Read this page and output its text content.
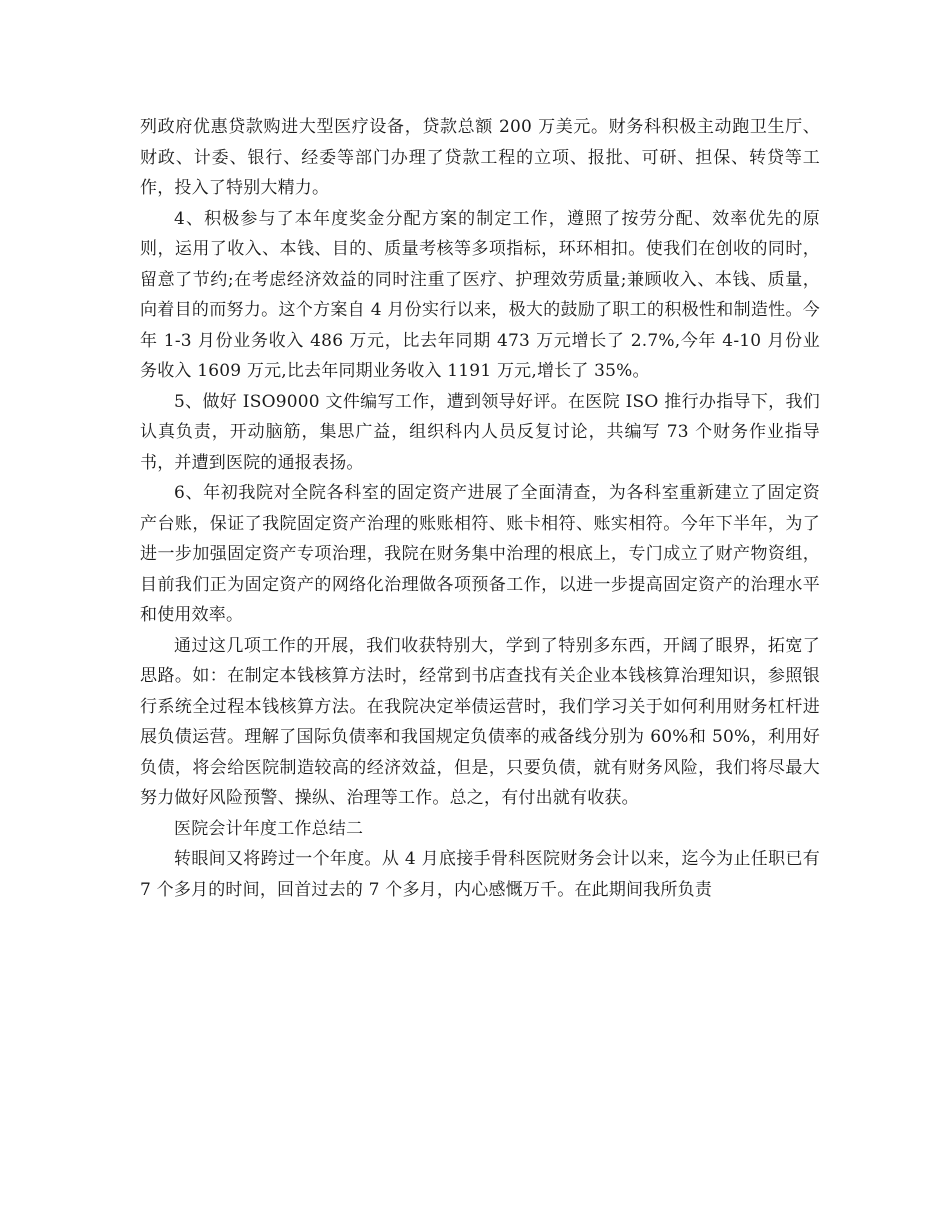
列政府优惠贷款购进大型医疗设备，贷款总额 200 万美元。财务科积极主动跑卫生厅、财政、计委、银行、经委等部门办理了贷款工程的立项、报批、可研、担保、转贷等工作，投入了特别大精力。

4、积极参与了本年度奖金分配方案的制定工作，遵照了按劳分配、效率优先的原则，运用了收入、本钱、目的、质量考核等多项指标，环环相扣。使我们在创收的同时，留意了节约;在考虑经济效益的同时注重了医疗、护理效劳质量;兼顾收入、本钱、质量，向着目的而努力。这个方案自 4 月份实行以来，极大的鼓励了职工的积极性和制造性。今年 1-3 月份业务收入 486 万元，比去年同期 473 万元增长了 2.7%,今年 4-10 月份业务收入 1609 万元,比去年同期业务收入 1191 万元,增长了 35%。

5、做好 ISO9000 文件编写工作，遭到领导好评。在医院 ISO 推行办指导下，我们认真负责，开动脑筋，集思广益，组织科内人员反复讨论，共编写 73 个财务作业指导书，并遭到医院的通报表扬。

6、年初我院对全院各科室的固定资产进展了全面清查，为各科室重新建立了固定资产台账，保证了我院固定资产治理的账账相符、账卡相符、账实相符。今年下半年，为了进一步加强固定资产专项治理，我院在财务集中治理的根底上，专门成立了财产物资组，目前我们正为固定资产的网络化治理做各项预备工作，以进一步提高固定资产的治理水平和使用效率。

通过这几项工作的开展，我们收获特别大，学到了特别多东西，开阔了眼界，拓宽了思路。如：在制定本钱核算方法时，经常到书店查找有关企业本钱核算治理知识，参照银行系统全过程本钱核算方法。在我院决定举债运营时，我们学习关于如何利用财务杠杆进展负债运营。理解了国际负债率和我国规定负债率的戒备线分别为 60%和 50%，利用好负债，将会给医院制造较高的经济效益，但是，只要负债，就有财务风险，我们将尽最大努力做好风险预警、操纵、治理等工作。总之，有付出就有收获。

医院会计年度工作总结二

转眼间又将跨过一个年度。从 4 月底接手骨科医院财务会计以来，迄今为止任职已有 7 个多月的时间，回首过去的 7 个多月，内心感慨万千。在此期间我所负责
